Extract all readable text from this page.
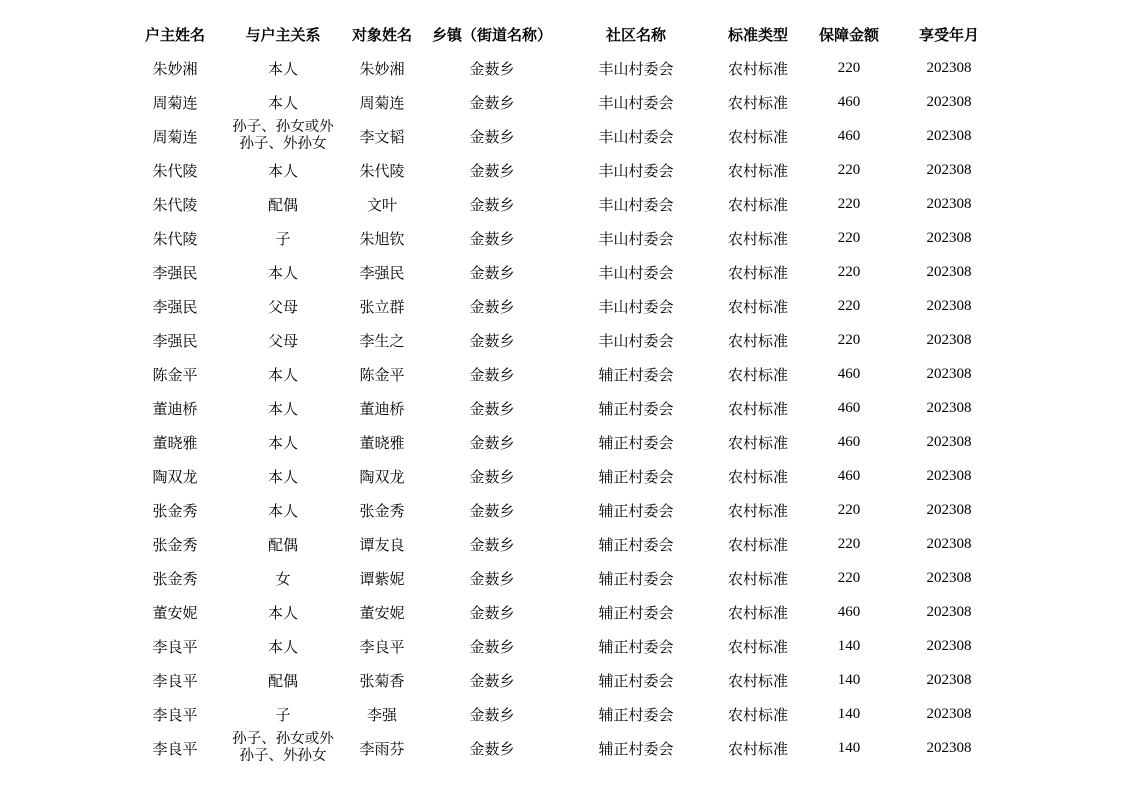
户主姓名	与户主关系	对象姓名	乡镇（街道名称）	社区名称	标准类型	保障金额	享受年月
朱妙湘	本人	朱妙湘	金薮乡	丰山村委会	农村标准	220	202308
周菊连	本人	周菊连	金薮乡	丰山村委会	农村标准	460	202308
周菊连	孙子、孙女或外孙子、外孙女	李文韬	金薮乡	丰山村委会	农村标准	460	202308
朱代陵	本人	朱代陵	金薮乡	丰山村委会	农村标准	220	202308
朱代陵	配偶	文叶	金薮乡	丰山村委会	农村标准	220	202308
朱代陵	子	朱旭钦	金薮乡	丰山村委会	农村标准	220	202308
李强民	本人	李强民	金薮乡	丰山村委会	农村标准	220	202308
李强民	父母	张立群	金薮乡	丰山村委会	农村标准	220	202308
李强民	父母	李生之	金薮乡	丰山村委会	农村标准	220	202308
陈金平	本人	陈金平	金薮乡	辅正村委会	农村标准	460	202308
董迪桥	本人	董迪桥	金薮乡	辅正村委会	农村标准	460	202308
董晓雅	本人	董晓雅	金薮乡	辅正村委会	农村标准	460	202308
陶双龙	本人	陶双龙	金薮乡	辅正村委会	农村标准	460	202308
张金秀	本人	张金秀	金薮乡	辅正村委会	农村标准	220	202308
张金秀	配偶	谭友良	金薮乡	辅正村委会	农村标准	220	202308
张金秀	女	谭紫妮	金薮乡	辅正村委会	农村标准	220	202308
董安妮	本人	董安妮	金薮乡	辅正村委会	农村标准	460	202308
李良平	本人	李良平	金薮乡	辅正村委会	农村标准	140	202308
李良平	配偶	张菊香	金薮乡	辅正村委会	农村标准	140	202308
李良平	子	李强	金薮乡	辅正村委会	农村标准	140	202308
李良平	孙子、孙女或外孙子、外孙女	李雨芬	金薮乡	辅正村委会	农村标准	140	202308
